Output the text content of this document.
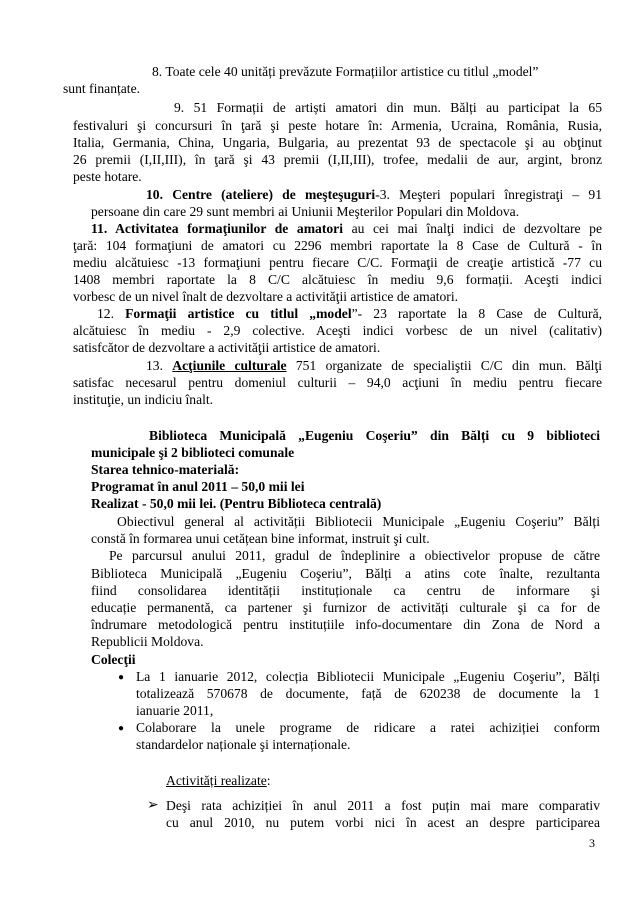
8. Toate cele 40 unități prevăzute Formațiilor artistice cu titlul „model”
sunt finanțate.
9. 51 Formații de artiști amatori din mun. Bălți au participat la 65
festivaluri şi concursuri în ţară şi peste hotare în: Armenia, Ucraina, România, Rusia,
Italia, Germania, China, Ungaria, Bulgaria, au prezentat 93 de spectacole şi au obţinut
26 premii (I,II,III), în ţară şi 43 premii (I,II,III), trofee, medalii de aur, argint, bronz
peste hotare.
10. Centre (ateliere) de meşteşuguri-3. Meşteri populari înregistraţi – 91
persoane din care 29 sunt membri ai Uniunii Meşterilor Populari din Moldova.
11. Activitatea formaţiunilor de amatori au cei mai înalţi indici de dezvoltare pe
ţară: 104 formaţiuni de amatori cu 2296 membri raportate la 8 Case de Cultură - în
mediu alcătuiesc -13 formaţiuni pentru fiecare C/C. Formaţii de creaţie artistică -77 cu
1408 membri raportate la 8 C/C alcătuiesc în mediu 9,6 formații. Aceşti indici
vorbesc de un nivel înalt de dezvoltare a activităţii artistice de amatori.
12. Formaţii artistice cu titlul „model”- 23 raportate la 8 Case de Cultură,
alcătuiesc în mediu - 2,9 colective. Aceşti indici vorbesc de un nivel (calitativ)
satisfcător de dezvoltare a activităţii artistice de amatori.
13. Acţiunile culturale 751 organizate de specialiştii C/C din mun. Bălţi
satisfac necesarul pentru domeniul culturii – 94,0 acţiuni în mediu pentru fiecare
instituţie, un indiciu înalt.
Biblioteca Municipală „Eugeniu Coşeriu” din Bălți cu 9 biblioteci
municipale şi 2 biblioteci comunale
Starea tehnico-materială:
Programat în anul 2011 – 50,0 mii lei
Realizat - 50,0 mii lei. (Pentru Biblioteca centrală)
Obiectivul general al activității Bibliotecii Municipale „Eugeniu Coşeriu” Bălți
constă în formarea unui cetățean bine informat, instruit şi cult.
Pe parcursul anului 2011, gradul de îndeplinire a obiectivelor propuse de către
Biblioteca Municipală „Eugeniu Coşeriu”, Bălți a atins cote înalte, rezultanta
fiind consolidarea identității instituționale ca centru de informare şi
educație permanentă, ca partener şi furnizor de activități culturale şi ca for de
îndrumare metodologică pentru instituțiile info-documentare din Zona de Nord a
Republicii Moldova.
Colecţii
● La 1 ianuarie 2012, colecția Bibliotecii Municipale „Eugeniu Coşeriu”, Bălți
totalizează 570678 de documente, față de 620238 de documente la 1
ianuarie 2011,
● Colaborare la unele programe de ridicare a ratei achiziției conform
standardelor naționale şi internaționale.
Activități realizate:
➢ Deşi rata achiziției în anul 2011 a fost puțin mai mare comparativ
cu anul 2010, nu putem vorbi nici în acest an despre participarea
3
